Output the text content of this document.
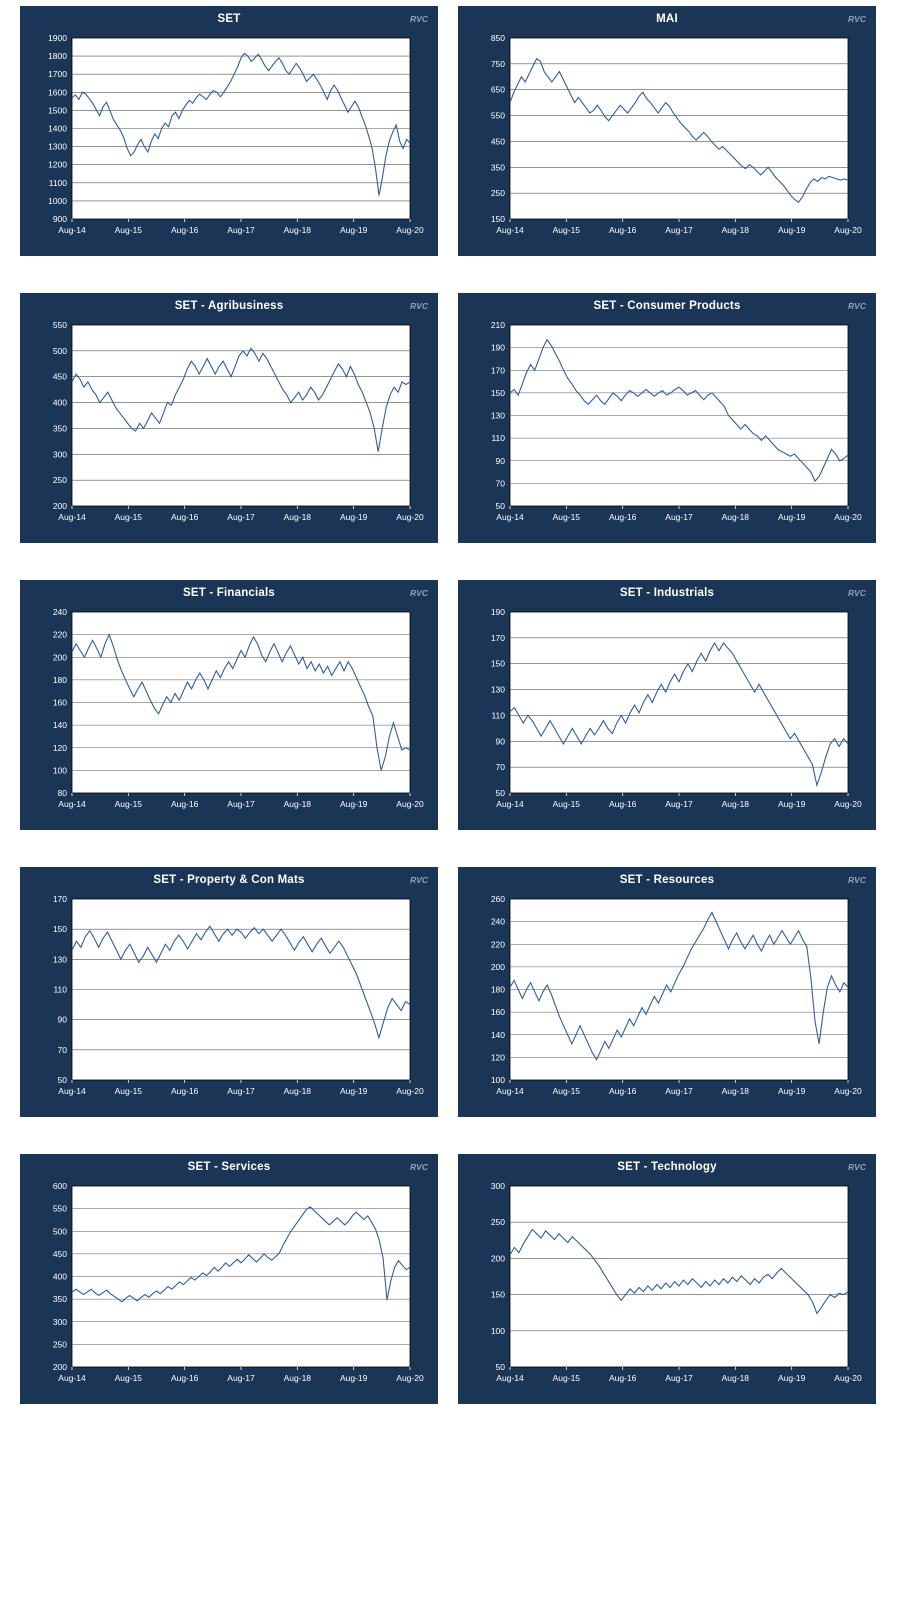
SET	RVC
900
1000
1100
1200
1300
1400
1500
1600
1700
1800
1900
Aug-14	Aug-15	Aug-16	Aug-17	Aug-18	Aug-19	Aug-20
MAI	RVC
150
250
350
450
550
650
750
850
Aug-14	Aug-15	Aug-16	Aug-17	Aug-18	Aug-19	Aug-20
SET - Agribusiness	RVC
200
250
300
350
400
450
500
550
Aug-14	Aug-15	Aug-16	Aug-17	Aug-18	Aug-19	Aug-20
SET - Consumer Products	RVC
50
70
90
110
130
150
170
190
210
Aug-14	Aug-15	Aug-16	Aug-17	Aug-18	Aug-19	Aug-20
SET - Financials	RVC
80
100
120
140
160
180
200
220
240
Aug-14	Aug-15	Aug-16	Aug-17	Aug-18	Aug-19	Aug-20
SET - Industrials	RVC
50
70
90
110
130
150
170
190
Aug-14	Aug-15	Aug-16	Aug-17	Aug-18	Aug-19	Aug-20
SET - Property & Con Mats	RVC
50
70
90
110
130
150
170
Aug-14	Aug-15	Aug-16	Aug-17	Aug-18	Aug-19	Aug-20
SET - Resources	RVC
100
120
140
160
180
200
220
240
260
Aug-14	Aug-15	Aug-16	Aug-17	Aug-18	Aug-19	Aug-20
SET - Services	RVC
200
250
300
350
400
450
500
550
600
Aug-14	Aug-15	Aug-16	Aug-17	Aug-18	Aug-19	Aug-20
SET - Technology	RVC
50
100
150
200
250
300
Aug-14	Aug-15	Aug-16	Aug-17	Aug-18	Aug-19	Aug-20
